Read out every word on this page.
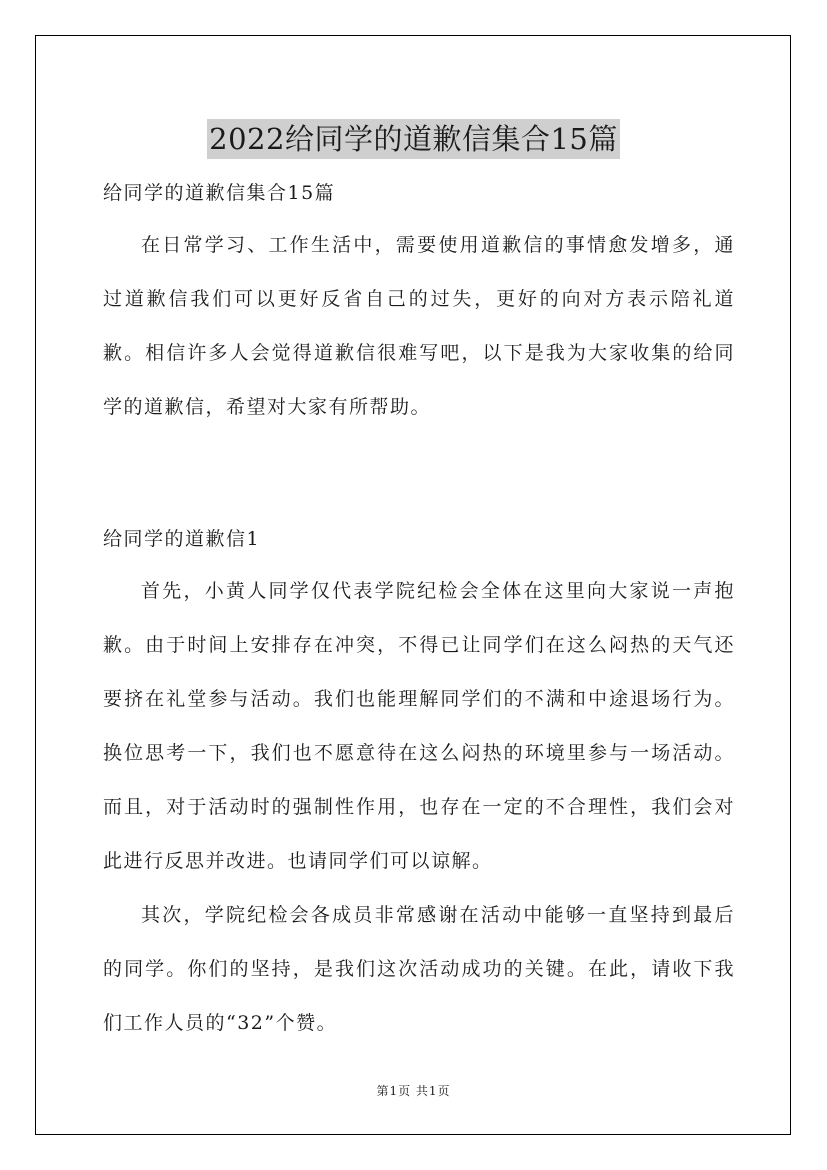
2022给同学的道歉信集合15篇

给同学的道歉信集合15篇

在日常学习、工作生活中，需要使用道歉信的事情愈发增多，通过道歉信我们可以更好反省自己的过失，更好的向对方表示陪礼道歉。相信许多人会觉得道歉信很难写吧，以下是我为大家收集的给同学的道歉信，希望对大家有所帮助。

给同学的道歉信1

首先，小黄人同学仅代表学院纪检会全体在这里向大家说一声抱歉。由于时间上安排存在冲突，不得已让同学们在这么闷热的天气还要挤在礼堂参与活动。我们也能理解同学们的不满和中途退场行为。换位思考一下，我们也不愿意待在这么闷热的环境里参与一场活动。而且，对于活动时的强制性作用，也存在一定的不合理性，我们会对此进行反思并改进。也请同学们可以谅解。

其次，学院纪检会各成员非常感谢在活动中能够一直坚持到最后的同学。你们的坚持，是我们这次活动成功的关键。在此，请收下我们工作人员的“32”个赞。

第1页 共1页
